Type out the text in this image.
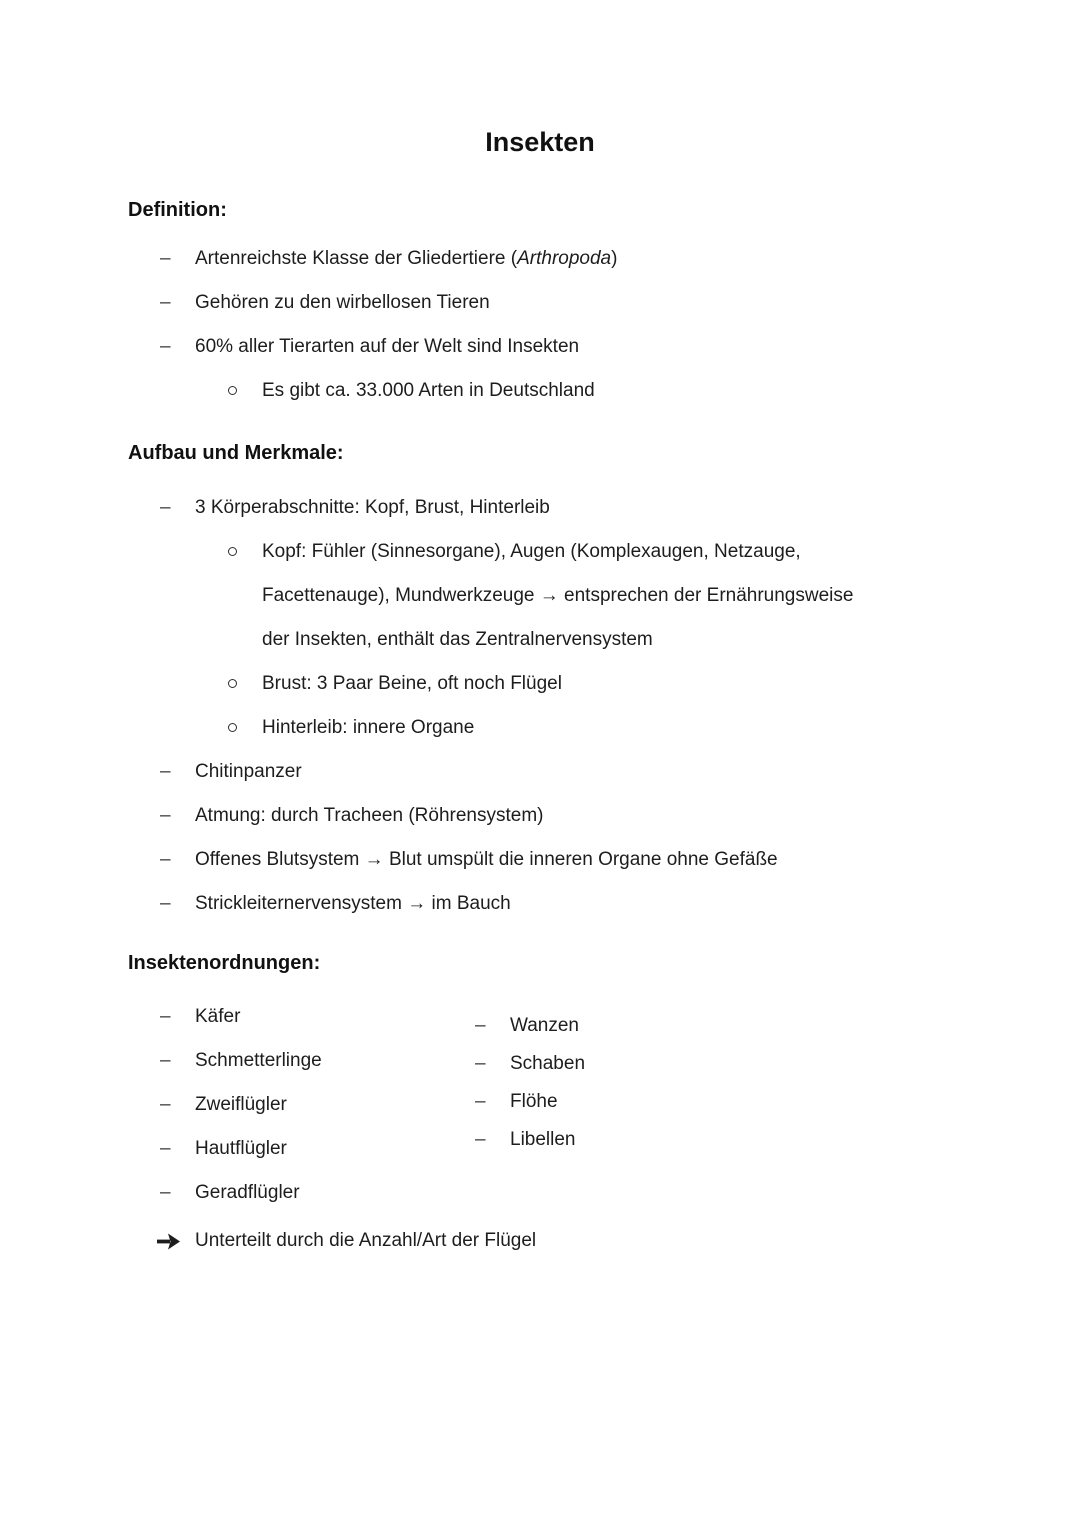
Insekten
Definition:
– Artenreichste Klasse der Gliedertiere (Arthropoda)
– Gehören zu den wirbellosen Tieren
– 60% aller Tierarten auf der Welt sind Insekten
Es gibt ca. 33.000 Arten in Deutschland
Aufbau und Merkmale:
– 3 Körperabschnitte: Kopf, Brust, Hinterleib
Kopf: Fühler (Sinnesorgane), Augen (Komplexaugen, Netzauge,
Facettenauge), Mundwerkzeuge → entsprechen der Ernährungsweise
der Insekten, enthält das Zentralnervensystem
Brust: 3 Paar Beine, oft noch Flügel
Hinterleib: innere Organe
– Chitinpanzer
– Atmung: durch Tracheen (Röhrensystem)
– Offenes Blutsystem → Blut umspült die inneren Organe ohne Gefäße
– Strickleiternervensystem → im Bauch
Insektenordnungen:
– Käfer
– Schmetterlinge
– Zweiflügler
– Hautflügler
– Geradflügler
– Wanzen
– Schaben
– Flöhe
– Libellen
Unterteilt durch die Anzahl/Art der Flügel
